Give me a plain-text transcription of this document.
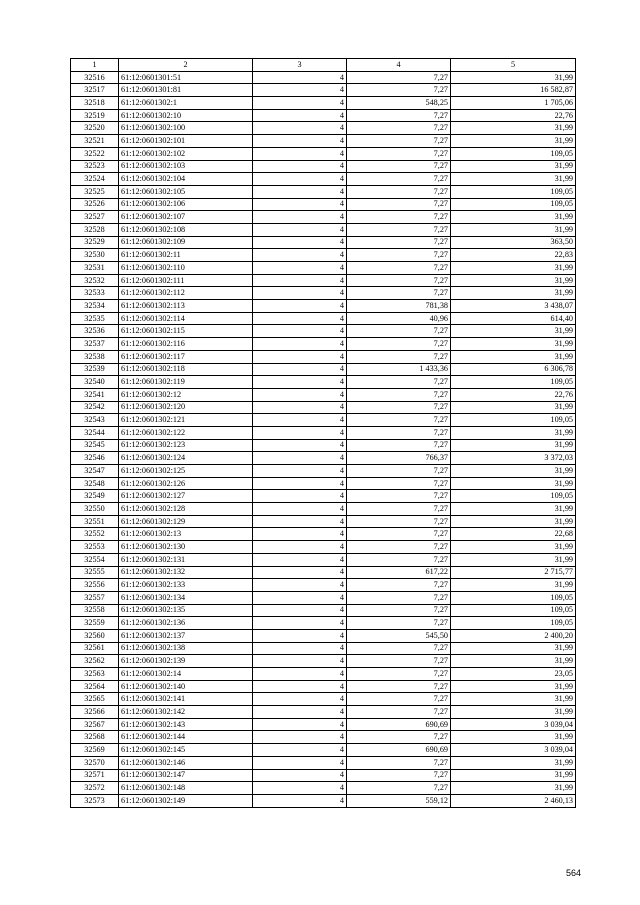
1	2	3	4	5
32516	61:12:0601301:51	4	7,27	31,99
32517	61:12:0601301:81	4	7,27	16 582,87
32518	61:12:0601302:1	4	548,25	1 705,06
32519	61:12:0601302:10	4	7,27	22,76
32520	61:12:0601302:100	4	7,27	31,99
32521	61:12:0601302:101	4	7,27	31,99
32522	61:12:0601302:102	4	7,27	109,05
32523	61:12:0601302:103	4	7,27	31,99
32524	61:12:0601302:104	4	7,27	31,99
32525	61:12:0601302:105	4	7,27	109,05
32526	61:12:0601302:106	4	7,27	109,05
32527	61:12:0601302:107	4	7,27	31,99
32528	61:12:0601302:108	4	7,27	31,99
32529	61:12:0601302:109	4	7,27	363,50
32530	61:12:0601302:11	4	7,27	22,83
32531	61:12:0601302:110	4	7,27	31,99
32532	61:12:0601302:111	4	7,27	31,99
32533	61:12:0601302:112	4	7,27	31,99
32534	61:12:0601302:113	4	781,38	3 438,07
32535	61:12:0601302:114	4	40,96	614,40
32536	61:12:0601302:115	4	7,27	31,99
32537	61:12:0601302:116	4	7,27	31,99
32538	61:12:0601302:117	4	7,27	31,99
32539	61:12:0601302:118	4	1 433,36	6 306,78
32540	61:12:0601302:119	4	7,27	109,05
32541	61:12:0601302:12	4	7,27	22,76
32542	61:12:0601302:120	4	7,27	31,99
32543	61:12:0601302:121	4	7,27	109,05
32544	61:12:0601302:122	4	7,27	31,99
32545	61:12:0601302:123	4	7,27	31,99
32546	61:12:0601302:124	4	766,37	3 372,03
32547	61:12:0601302:125	4	7,27	31,99
32548	61:12:0601302:126	4	7,27	31,99
32549	61:12:0601302:127	4	7,27	109,05
32550	61:12:0601302:128	4	7,27	31,99
32551	61:12:0601302:129	4	7,27	31,99
32552	61:12:0601302:13	4	7,27	22,68
32553	61:12:0601302:130	4	7,27	31,99
32554	61:12:0601302:131	4	7,27	31,99
32555	61:12:0601302:132	4	617,22	2 715,77
32556	61:12:0601302:133	4	7,27	31,99
32557	61:12:0601302:134	4	7,27	109,05
32558	61:12:0601302:135	4	7,27	109,05
32559	61:12:0601302:136	4	7,27	109,05
32560	61:12:0601302:137	4	545,50	2 400,20
32561	61:12:0601302:138	4	7,27	31,99
32562	61:12:0601302:139	4	7,27	31,99
32563	61:12:0601302:14	4	7,27	23,05
32564	61:12:0601302:140	4	7,27	31,99
32565	61:12:0601302:141	4	7,27	31,99
32566	61:12:0601302:142	4	7,27	31,99
32567	61:12:0601302:143	4	690,69	3 039,04
32568	61:12:0601302:144	4	7,27	31,99
32569	61:12:0601302:145	4	690,69	3 039,04
32570	61:12:0601302:146	4	7,27	31,99
32571	61:12:0601302:147	4	7,27	31,99
32572	61:12:0601302:148	4	7,27	31,99
32573	61:12:0601302:149	4	559,12	2 460,13
564
